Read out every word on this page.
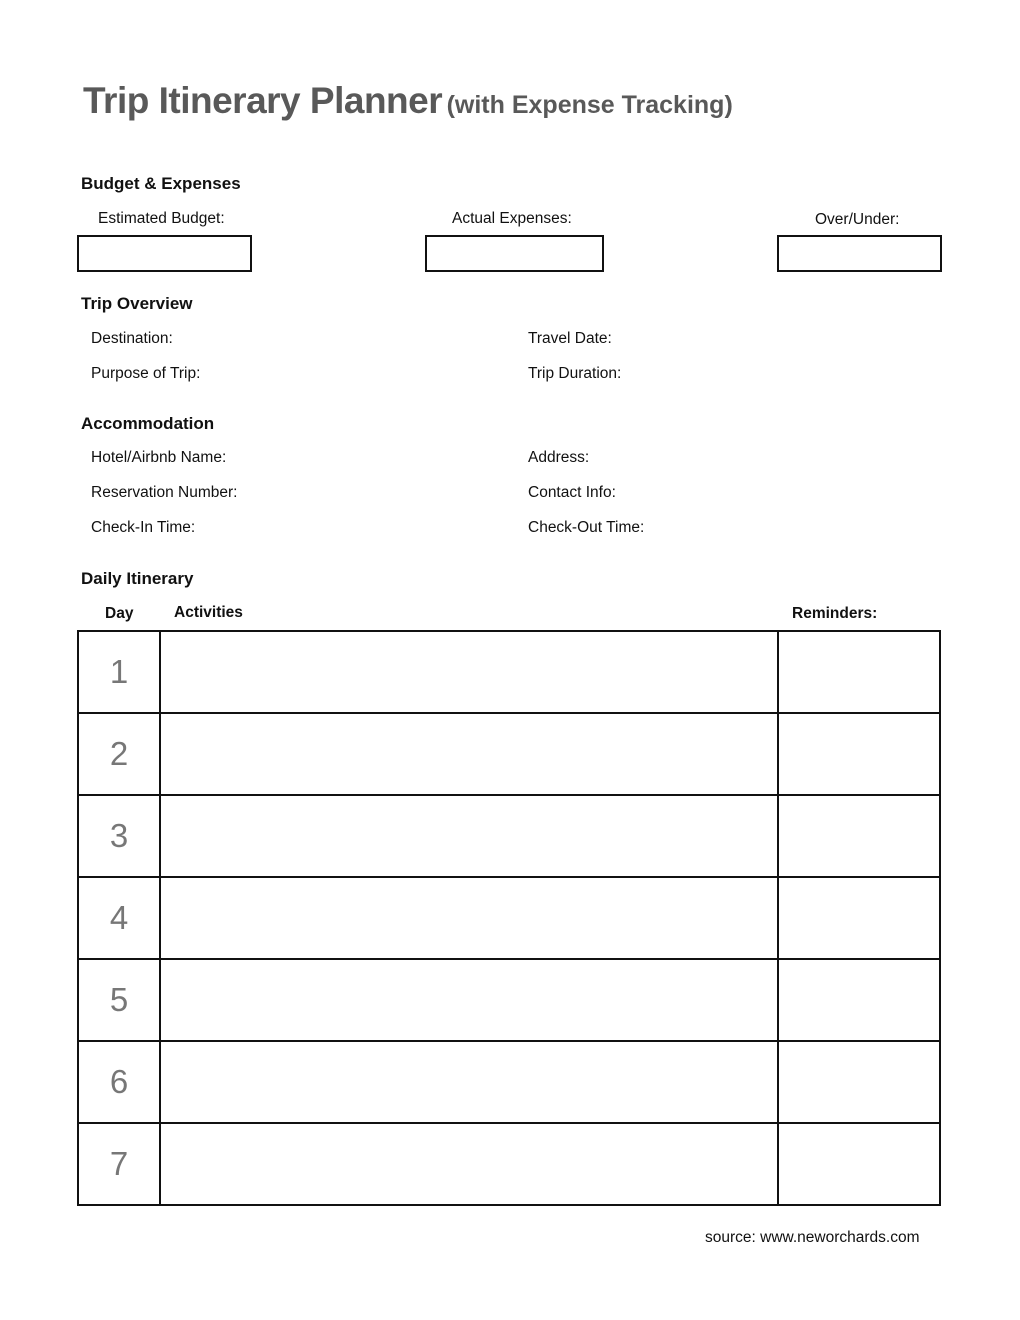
Trip Itinerary Planner (with Expense Tracking)
Budget & Expenses
Estimated Budget:	Actual Expenses:	Over/Under:
Trip Overview
Destination:	Travel Date:
Purpose of Trip:	Trip Duration:
Accommodation
Hotel/Airbnb Name:	Address:
Reservation Number:	Contact Info:
Check-In Time:	Check-Out Time:
Daily Itinerary
Day	Activities	Reminders:
1		
2		
3		
4		
5		
6		
7		
source: www.neworchards.com
